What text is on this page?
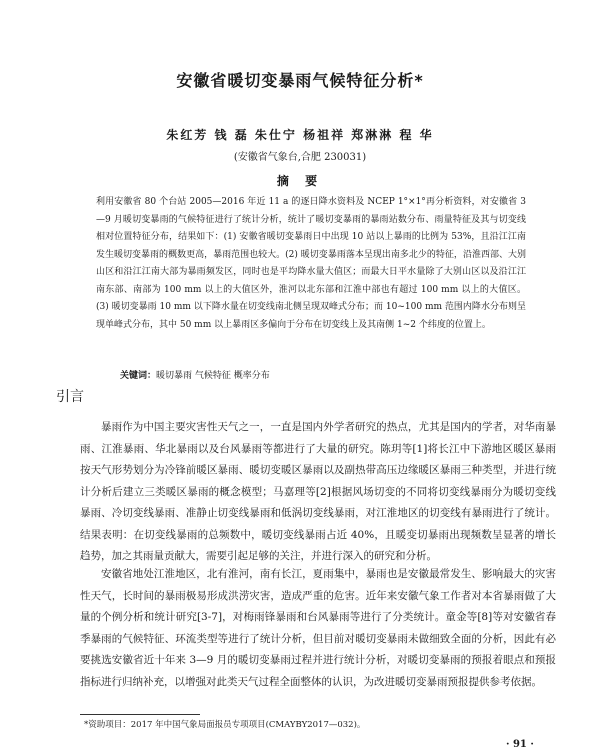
安徽省暖切变暴雨气候特征分析*
朱红芳 钱 磊 朱仕宁 杨祖祥 郑淋淋 程 华
(安徽省气象台,合肥 230031)
摘 要

利用安徽省 80 个台站 2005—2016 年近 11 a 的逐日降水资料及 NCEP 1°×1°再分析资料，对安徽省 3—9 月暖切变暴雨的气候特征进行了统计分析，统计了暖切变暴雨的暴雨站数分布、雨量特征及其与切变线相对位置特征分布，结果如下：(1) 安徽省暖切变暴雨日中出现 10 站以上暴雨的比例为 53%，且沿江江南发生暖切变暴雨的概数更高，暴雨范围也较大。(2) 暖切变暴雨落本呈现出南多北少的特征，沿淮西部、大别山区和沿江江南大部为暴雨频发区，同时也是平均降水量大值区；而最大日平水量除了大别山区以及沿江江南东部、南部为 100 mm 以上的大值区外，淮河以北东部和江淮中部也有超过 100 mm 以上的大值区。(3) 暖切变暴雨 10 mm 以下降水量在切变线南北侧呈现双峰式分布；而 10~100 mm 范围内降水分布则呈现单峰式分布，其中 50 mm 以上暴雨区多偏向于分布在切变线上及其南侧 1~2 个纬度的位置上。

关键词：暖切暴雨 气候特征 概率分布
引言

暴雨作为中国主要灾害性天气之一，一直是国内外学者研究的热点，尤其是国内的学者，对华南暴雨、江淮暴雨、华北暴雨以及台风暴雨等都进行了大量的研究。陈玥等[1]将长江中下游地区暖区暴雨按天气形势划分为冷锋前暖区暴雨、暖切变暖区暴雨以及副热带高压边缘暖区暴雨三种类型，并进行统计分析后建立三类暖区暴雨的概念模型；马嘉理等[2]根据风场切变的不同将切变线暴雨分为暖切变线暴雨、冷切变线暴雨、准静止切变线暴雨和低涡切变线暴雨，对江淮地区的切变线有暴雨进行了统计。结果表明：在切变线暴雨的总频数中，暖切变线暴雨占近 40%，且暖变切暴雨出现频数呈显著的增长趋势，加之其雨量贡献大，需要引起足够的关注，并进行深入的研究和分析。

安徽省地处江淮地区，北有淮河，南有长江，夏雨集中，暴雨也是安徽最常发生、影响最大的灾害性天气，长时间的暴雨极易形成洪涝灾害，造成严重的危害。近年来安徽气象工作者对本省暴雨做了大量的个例分析和统计研究[3-7]，对梅雨锋暴雨和台风暴雨等进行了分类统计。童金等[8]等对安徽省春季暴雨的气候特征、环流类型等进行了统计分析，但目前对暖切变暴雨未做细致全面的分析，因此有必要挑选安徽省近十年来 3—9 月的暖切变暴雨过程并进行统计分析，对暖切变暴雨的预报着眼点和预报指标进行归纳补充，以增强对此类天气过程全面整体的认识，为改进暖切变暴雨预报提供参考依据。

*资助项目：2017 年中国气象局面报员专项项目(CMAYBY2017—032)。
· 91 ·
